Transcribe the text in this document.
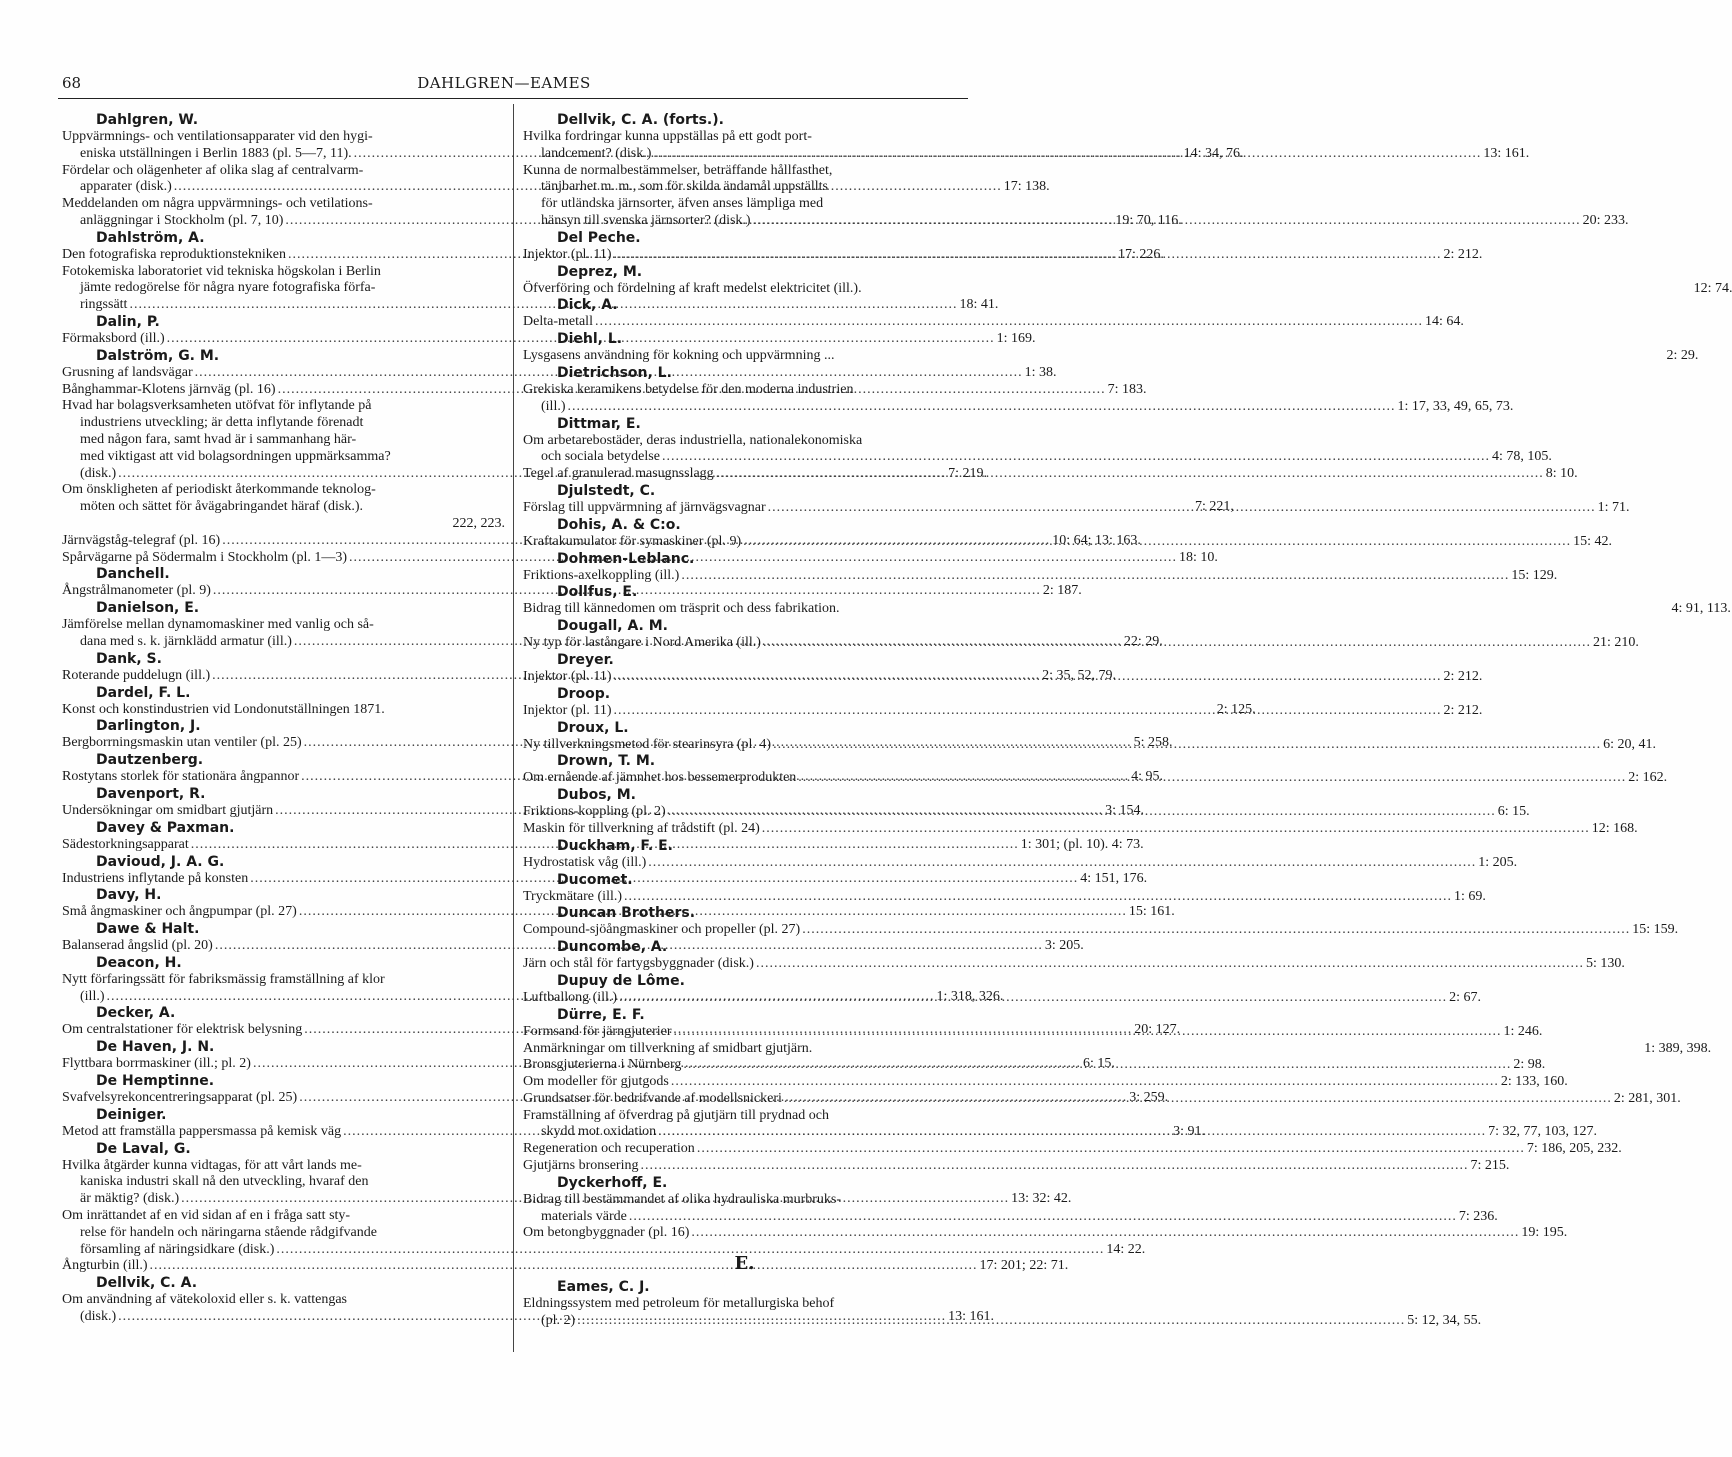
68	DAHLGREN—EAMES
Dahlgren, W.
Uppvärmnings- och ventilationsapparater vid den hygi-
eniska utställningen i Berlin 1883 (pl. 5—7, 11). .....	14: 34, 76.
Fördelar och olägenheter af olika slag af centralvarm-
apparater (disk.) .....	17: 138.
Meddelanden om några uppvärmnings- och vetilations-
anläggningar i Stockholm (pl. 7, 10) .....	19: 70, 116.
Dahlström, A.
Den fotografiska reproduktionstekniken .....	17: 226.
Fotokemiska laboratoriet vid tekniska högskolan i Berlin
jämte redogörelse för några nyare fotografiska förfa-
ringssätt .....	18: 41.
Dalin, P.
Förmaksbord (ill.) .....	1: 169.
Dalström, G. M.
Grusning af landsvägar .....	1: 38.
Bånghammar-Klotens järnväg (pl. 16) .....	7: 183.
Hvad har bolagsverksamheten utöfvat för inflytande på
industriens utveckling; är detta inflytande förenadt
med någon fara, samt hvad är i sammanhang här-
med viktigast att vid bolagsordningen uppmärksamma?
(disk.) .....	7: 219.
Om önskligheten af periodiskt återkommande teknolog-
möten och sättet för åvägabringandet häraf (disk.).	7: 221,
222, 223.
Järnvägståg-telegraf (pl. 16) .....	10: 64; 13: 163.
Spårvägarne på Södermalm i Stockholm (pl. 1—3) .....	18: 10.
Danchell.
Ångstrålmanometer (pl. 9) .....	2: 187.
Danielson, E.
Jämförelse mellan dynamomaskiner med vanlig och så-
dana med s. k. järnklädd armatur (ill.) .....	22: 29.
Dank, S.
Roterande puddelugn (ill.) .....	2: 35, 52, 79.
Dardel, F. L.
Konst och konstindustrien vid Londonutställningen 1871.	2: 125.
Darlington, J.
Bergborrningsmaskin utan ventiler (pl. 25) .....	5: 258.
Dautzenberg.
Rostytans storlek för stationära ångpannor .....	4: 95.
Davenport, R.
Undersökningar om smidbart gjutjärn .....	3: 154.
Davey & Paxman.
Sädestorkningsapparat .....	1: 301; (pl. 10). 4: 73.
Davioud, J. A. G.
Industriens inflytande på konsten .....	4: 151, 176.
Davy, H.
Små ångmaskiner och ångpumpar (pl. 27) .....	15: 161.
Dawe & Halt.
Balanserad ångslid (pl. 20) .....	3: 205.
Deacon, H.
Nytt förfaringssätt för fabriksmässig framställning af klor
(ill.) .....	1: 318, 326.
Decker, A.
Om centralstationer för elektrisk belysning .....	20: 127.
De Haven, J. N.
Flyttbara borrmaskiner (ill.; pl. 2) .....	6: 15.
De Hemptinne.
Svafvelsyrekoncentreringsapparat (pl. 25) .....	3: 259.
Deiniger.
Metod att framställa pappersmassa på kemisk väg .....	3: 91.
De Laval, G.
Hvilka åtgärder kunna vidtagas, för att vårt lands me-
kaniska industri skall nå den utveckling, hvaraf den
är mäktig? (disk.) .....	13: 32: 42.
Om inrättandet af en vid sidan af en i fråga satt sty-
relse för handeln och näringarna stående rådgifvande
församling af näringsidkare (disk.) .....	14: 22.
Ångturbin (ill.) .....	17: 201; 22: 71.
Dellvik, C. A.
Om användning af vätekoloxid eller s. k. vattengas
(disk.) .....	13: 161.
Dellvik, C. A. (forts.).
Hvilka fordringar kunna uppställas på ett godt port-
landcement? (disk.) .....	13: 161.
Kunna de normalbestämmelser, beträffande hållfasthet,
tänjbarhet m. m., som för skilda ändamål uppställts
för utländska järnsorter, äfven anses lämpliga med
hänsyn till svenska järnsorter? (disk.) .....	20: 233.
Del Peche.
Injektor (pl. 11) .....	2: 212.
Deprez, M.
Öfverföring och fördelning af kraft medelst elektricitet (ill.).	12: 74.
Dick, A.
Delta-metall .....	14: 64.
Diehl, L.
Lysgasens användning för kokning och uppvärmning ...	2: 29.
Dietrichson, L.
Grekiska keramikens betydelse för den moderna industrien
(ill.) .....	1: 17, 33, 49, 65, 73.
Dittmar, E.
Om arbetarebostäder, deras industriella, nationalekonomiska
och sociala betydelse .....	4: 78, 105.
Tegel af granulerad masugnsslagg .....	8: 10.
Djulstedt, C.
Förslag till uppvärmning af järnvägsvagnar .....	1: 71.
Dohis, A. & C:o.
Kraftakumulator för symaskiner (pl. 9) .....	15: 42.
Dohmen-Leblanc.
Friktions-axelkoppling (ill.) .....	15: 129.
Dollfus, E.
Bidrag till kännedomen om träsprit och dess fabrikation.	4: 91, 113.
Dougall, A. M.
Ny typ för lastångare i Nord Amerika (ill.) .....	21: 210.
Dreyer.
Injektor (pl. 11) .....	2: 212.
Droop.
Injektor (pl. 11) .....	2: 212.
Droux, L.
Ny tillverkningsmetod för stearinsyra (pl. 4) .....	6: 20, 41.
Drown, T. M.
Om ernående af jämnhet hos bessemerprodukten .....	2: 162.
Dubos, M.
Friktions-koppling (pl. 2) .....	6: 15.
Maskin för tillverkning af trådstift (pl. 24) .....	12: 168.
Duckham, F. E.
Hydrostatisk våg (ill.) .....	1: 205.
Ducomet.
Tryckmätare (ill.) .....	1: 69.
Duncan Brothers.
Compound-sjöångmaskiner och propeller (pl. 27) .....	15: 159.
Duncombe, A.
Järn och stål för fartygsbyggnader (disk.) .....	5: 130.
Dupuy de Lôme.
Luftballong (ill.) .....	2: 67.
Dürre, E. F.
Formsand för järngjuterier .....	1: 246.
Anmärkningar om tillverkning af smidbart gjutjärn.	1: 389, 398.
Bronsgjuterierna i Nürnberg .....	2: 98.
Om modeller för gjutgods .....	2: 133, 160.
Grundsatser för bedrifvande af modellsnickeri .....	2: 281, 301.
Framställning af öfverdrag på gjutjärn till prydnad och
skydd mot oxidation .....	7: 32, 77, 103, 127.
Regeneration och recuperation .....	7: 186, 205, 232.
Gjutjärns bronsering .....	7: 215.
Dyckerhoff, E.
Bidrag till bestämmandet af olika hydrauliska murbruks-
materials värde .....	7: 236.
Om betongbyggnader (pl. 16) .....	19: 195.
E.
Eames, C. J.
Eldningssystem med petroleum för metallurgiska behof
(pl. 2) .....	5: 12, 34, 55.
